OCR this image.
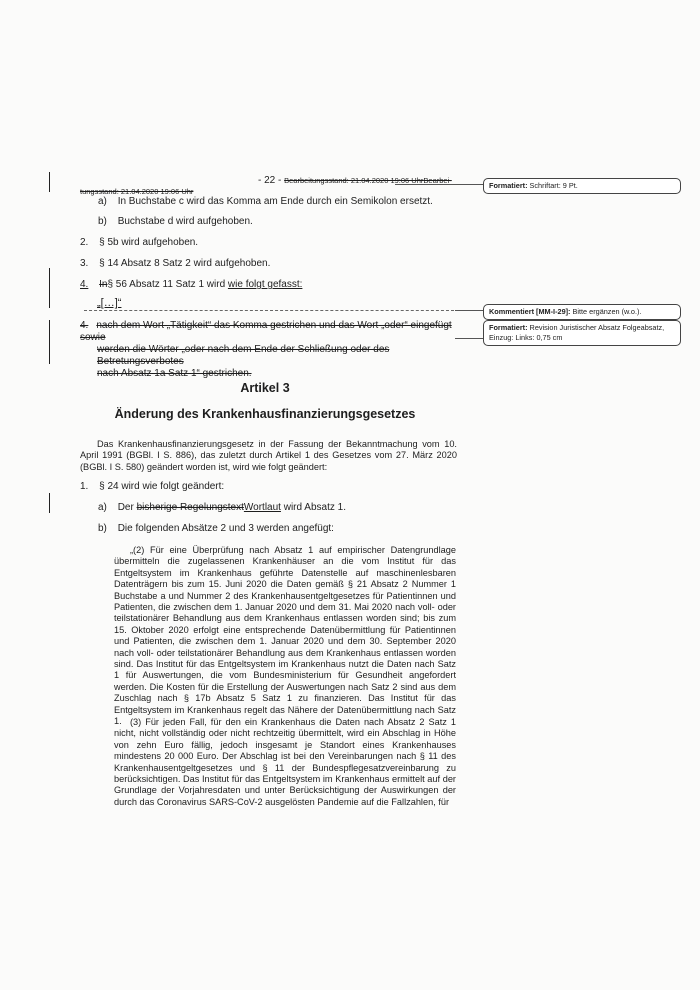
- 22 - Bearbeitungsstand: 21.04.2020 19:06 UhrBearbei-
tungsstand: 21.04.2020 19:06 Uhr
Formatiert: Schriftart: 9 Pt.
Kommentiert [MM-I-29]: Bitte ergänzen (w.o.).
Formatiert: Revision Juristischer Absatz Folgeabsatz, Einzug: Links: 0,75 cm
a) In Buchstabe c wird das Komma am Ende durch ein Semikolon ersetzt.
b) Buchstabe d wird aufgehoben.
2. § 5b wird aufgehoben.
3. § 14 Absatz 8 Satz 2 wird aufgehoben.
4. In§ 56 Absatz 11 Satz 1 wird wie folgt gefasst:
„[…]“
4. nach dem Wort „Tätigkeit“ das Komma gestrichen und das Wort „oder“ eingefügt sowie
werden die Wörter „oder nach dem Ende der Schließung oder des Betretungsverbotes
nach Absatz 1a Satz 1“ gestrichen.
Artikel 3
Änderung des Krankenhausfinanzierungsgesetzes

Das Krankenhausfinanzierungsgesetz in der Fassung der Bekanntmachung vom 10. April 1991 (BGBl. I S. 886), das zuletzt durch Artikel 1 des Gesetzes vom 27. März 2020 (BGBl. I S. 580) geändert worden ist, wird wie folgt geändert:

1. § 24 wird wie folgt geändert:
a) Der bisherige RegelungstextWortlaut wird Absatz 1.
b) Die folgenden Absätze 2 und 3 werden angefügt:

„(2) Für eine Überprüfung nach Absatz 1 auf empirischer Datengrundlage übermitteln die zugelassenen Krankenhäuser an die vom Institut für das Entgeltsystem im Krankenhaus geführte Datenstelle auf maschinenlesbaren Datenträgern bis zum 15. Juni 2020 die Daten gemäß § 21 Absatz 2 Nummer 1 Buchstabe a und Nummer 2 des Krankenhausentgeltgesetzes für Patientinnen und Patienten, die zwischen dem 1. Januar 2020 und dem 31. Mai 2020 nach voll- oder teilstationärer Behandlung aus dem Krankenhaus entlassen worden sind; bis zum 15. Oktober 2020 erfolgt eine entsprechende Datenübermittlung für Patientinnen und Patienten, die zwischen dem 1. Januar 2020 und dem 30. September 2020 nach voll- oder teilstationärer Behandlung aus dem Krankenhaus entlassen worden sind. Das Institut für das Entgeltsystem im Krankenhaus nutzt die Daten nach Satz 1 für Auswertungen, die vom Bundesministerium für Gesundheit angefordert werden. Die Kosten für die Erstellung der Auswertungen nach Satz 2 sind aus dem Zuschlag nach § 17b Absatz 5 Satz 1 zu finanzieren. Das Institut für das Entgeltsystem im Krankenhaus regelt das Nähere der Datenübermittlung nach Satz 1. (3) Für jeden Fall, für den ein Krankenhaus die Daten nach Absatz 2 Satz 1 nicht, nicht vollständig oder nicht rechtzeitig übermittelt, wird ein Abschlag in Höhe von zehn Euro fällig, jedoch insgesamt je Standort eines Krankenhauses mindestens 20 000 Euro. Der Abschlag ist bei den Vereinbarungen nach § 11 des Krankenhausentgeltgesetzes und § 11 der Bundespflegesatzvereinbarung zu berücksichtigen. Das Institut für das Entgeltsystem im Krankenhaus ermittelt auf der Grundlage der Vorjahresdaten und unter Berücksichtigung der Auswirkungen der durch das Coronavirus SARS-CoV-2 ausgelösten Pandemie auf die Fallzahlen, für
